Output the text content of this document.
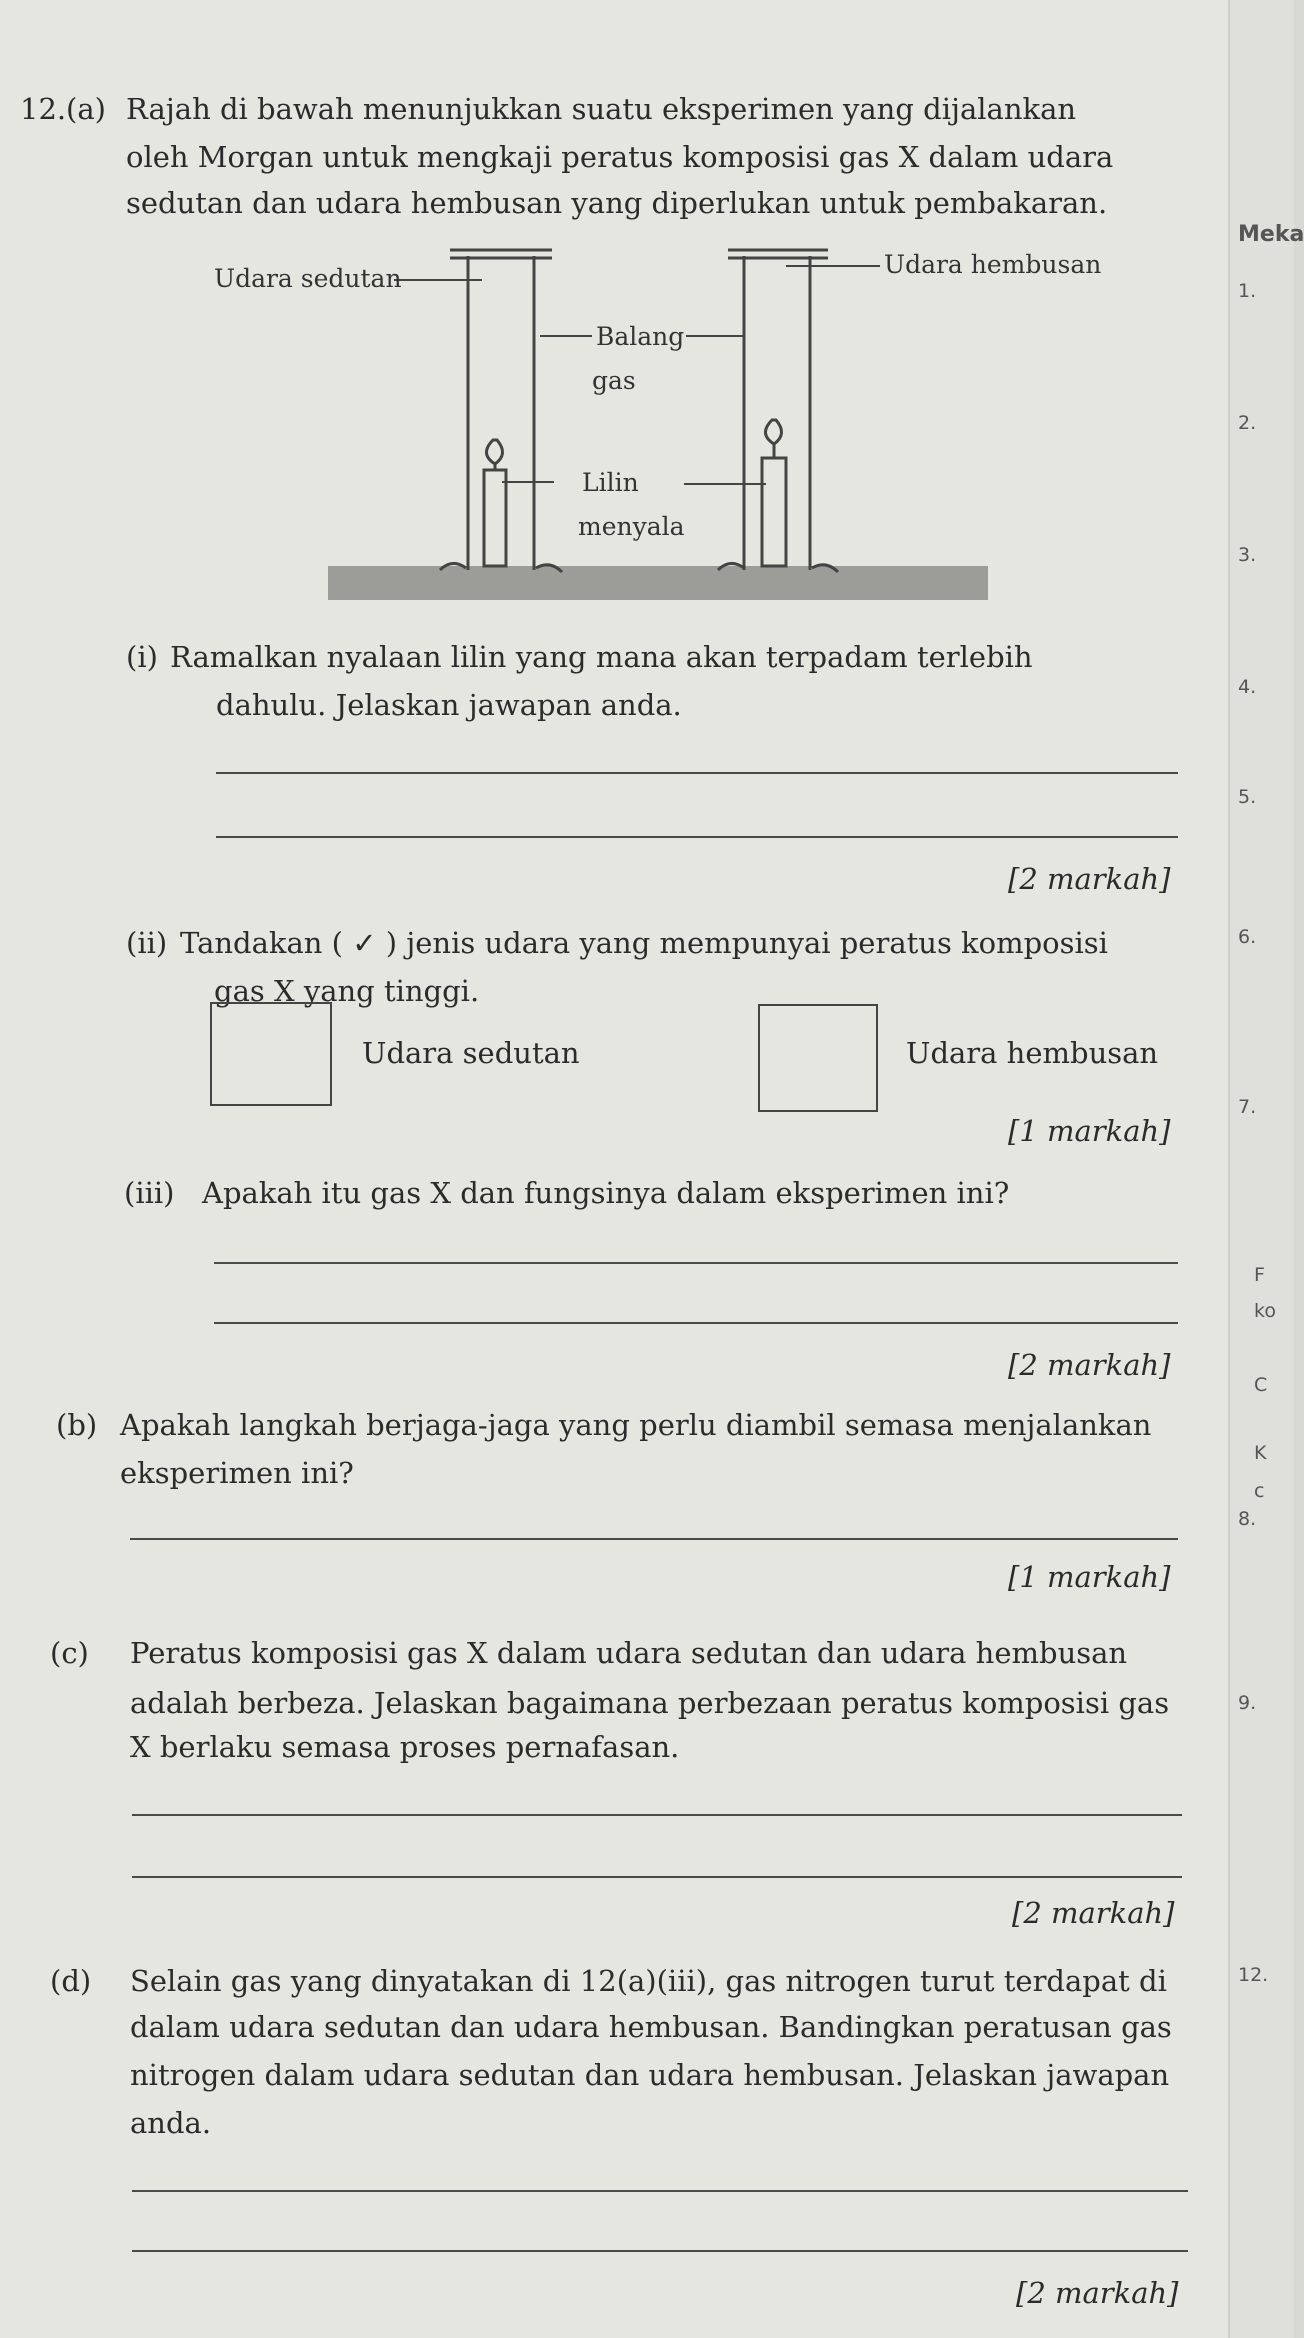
12. (a) Rajah di bawah menunjukkan suatu eksperimen yang dijalankan
oleh Morgan untuk mengkaji peratus komposisi gas X dalam udara
sedutan dan udara hembusan yang diperlukan untuk pembakaran.
Udara sedutan	Udara hembusan
Balang
gas
Lilin
menyala
(i) Ramalkan nyalaan lilin yang mana akan terpadam terlebih
dahulu. Jelaskan jawapan anda.
[2 markah]
(ii) Tandakan ( ✓ ) jenis udara yang mempunyai peratus komposisi
gas X yang tinggi.
Udara sedutan	Udara hembusan
[1 markah]
(iii) Apakah itu gas X dan fungsinya dalam eksperimen ini?
[2 markah]
(b) Apakah langkah berjaga-jaga yang perlu diambil semasa menjalankan
eksperimen ini?
[1 markah]
(c) Peratus komposisi gas X dalam udara sedutan dan udara hembusan
adalah berbeza. Jelaskan bagaimana perbezaan peratus komposisi gas
X berlaku semasa proses pernafasan.
[2 markah]
(d) Selain gas yang dinyatakan di 12(a)(iii), gas nitrogen turut terdapat di
dalam udara sedutan dan udara hembusan. Bandingkan peratusan gas
nitrogen dalam udara sedutan dan udara hembusan. Jelaskan jawapan
anda.
[2 markah]
Meka
1.
2.
3.
4.
5.
6.
7.
F
ko
C
K
c
8.
9.
12.
